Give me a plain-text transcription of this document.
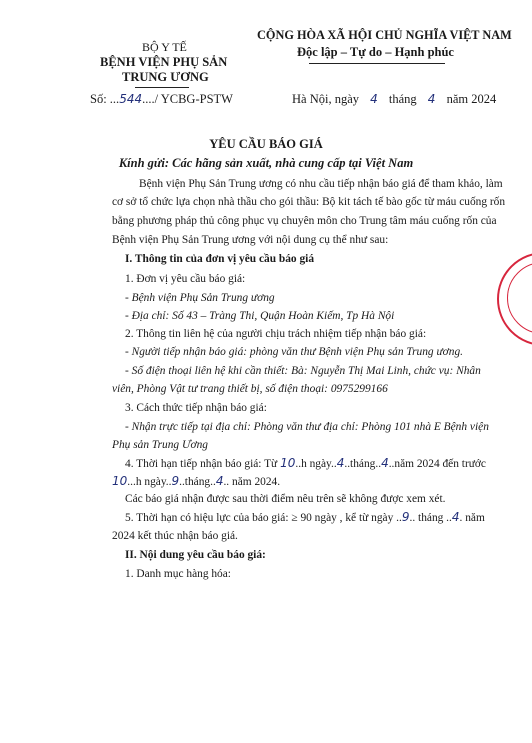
BỘ Y TẾ
BỆNH VIỆN PHỤ SẢN
TRUNG ƯƠNG
Số: ...544..../ YCBG-PSTW
CỘNG HÒA XÃ HỘI CHỦ NGHĨA VIỆT NAM
Độc lập – Tự do – Hạnh phúc
Hà Nội, ngày 4 tháng 4 năm 2024
YÊU CẦU BÁO GIÁ
Kính gửi: Các hãng sản xuất, nhà cung cấp tại Việt Nam
Bệnh viện Phụ Sản Trung ương có nhu cầu tiếp nhận báo giá để tham khảo, làm
cơ sở tổ chức lựa chọn nhà thầu cho gói thầu: Bộ kit tách tế bào gốc từ máu cuống rốn
bằng phương pháp thủ công phục vụ chuyên môn cho Trung tâm máu cuống rốn của
Bệnh viện Phụ Sản Trung ương với nội dung cụ thể như sau:
I. Thông tin của đơn vị yêu cầu báo giá
1. Đơn vị yêu cầu báo giá:
- Bệnh viện Phụ Sản Trung ương
- Địa chỉ: Số 43 – Tràng Thi, Quận Hoàn Kiếm, Tp Hà Nội
2. Thông tin liên hệ của người chịu trách nhiệm tiếp nhận báo giá:
- Người tiếp nhận báo giá: phòng văn thư Bệnh viện Phụ sản Trung ương.
- Số điện thoại liên hệ khi cần thiết: Bà: Nguyễn Thị Mai Linh, chức vụ: Nhân
viên, Phòng Vật tư trang thiết bị, số điện thoại: 0975299166
3. Cách thức tiếp nhận báo giá:
- Nhận trực tiếp tại địa chỉ: Phòng văn thư địa chỉ: Phòng 101 nhà E Bệnh viện
Phụ sản Trung Ương
4. Thời hạn tiếp nhận báo giá: Từ 10..h ngày..4..tháng..4..năm 2024 đến trước
10...h ngày..9..tháng..4.. năm 2024.
Các báo giá nhận được sau thời điểm nêu trên sẽ không được xem xét.
5. Thời hạn có hiệu lực của báo giá: ≥ 90 ngày , kể từ ngày ..9.. tháng ..4. năm
2024 kết thúc nhận báo giá.
II. Nội dung yêu cầu báo giá:
1. Danh mục hàng hóa:
